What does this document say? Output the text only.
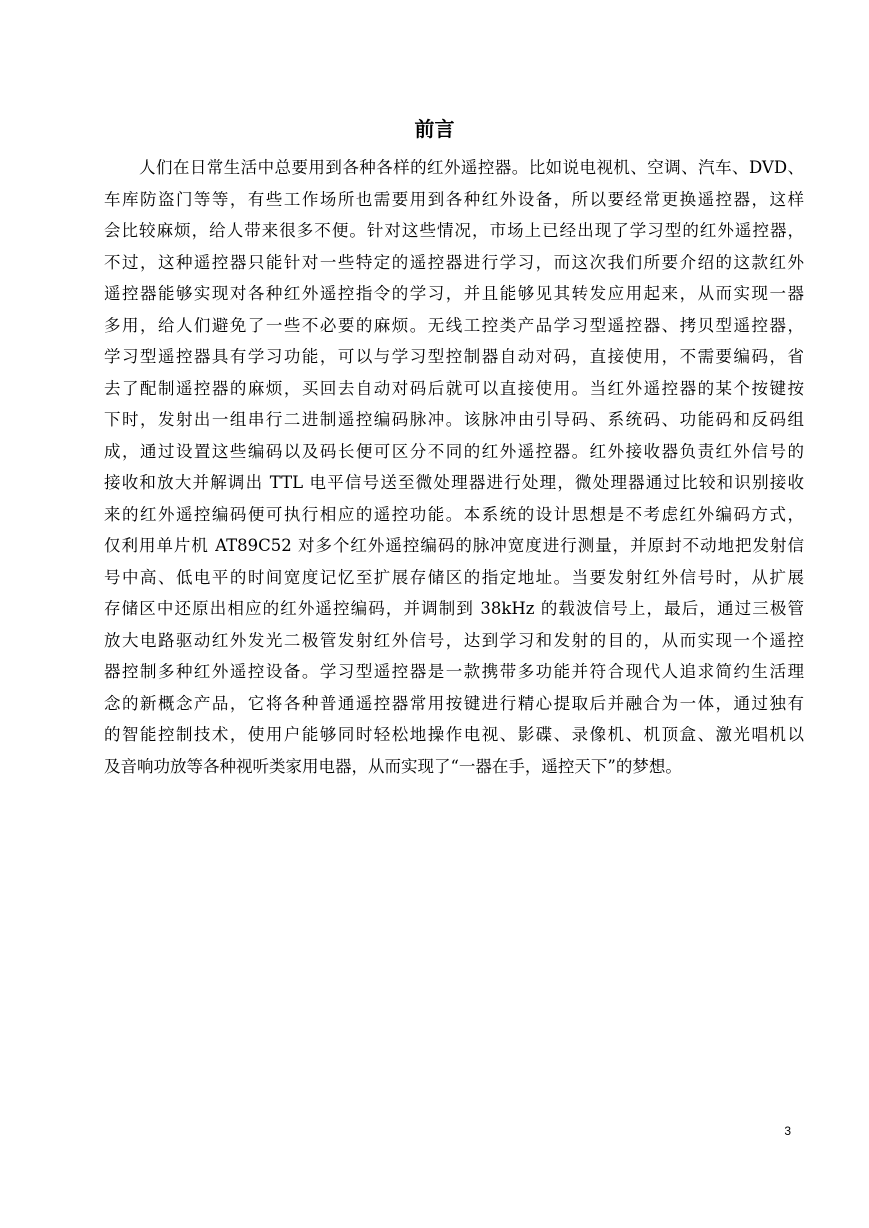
前言
人们在日常生活中总要用到各种各样的红外遥控器。比如说电视机、空调、汽车、DVD、
车库防盗门等等，有些工作场所也需要用到各种红外设备，所以要经常更换遥控器，这样
会比较麻烦，给人带来很多不便。针对这些情况，市场上已经出现了学习型的红外遥控器，
不过，这种遥控器只能针对一些特定的遥控器进行学习，而这次我们所要介绍的这款红外
遥控器能够实现对各种红外遥控指令的学习，并且能够见其转发应用起来，从而实现一器
多用，给人们避免了一些不必要的麻烦。无线工控类产品学习型遥控器、拷贝型遥控器，
学习型遥控器具有学习功能，可以与学习型控制器自动对码，直接使用，不需要编码，省
去了配制遥控器的麻烦，买回去自动对码后就可以直接使用。当红外遥控器的某个按键按
下时，发射出一组串行二进制遥控编码脉冲。该脉冲由引导码、系统码、功能码和反码组
成，通过设置这些编码以及码长便可区分不同的红外遥控器。红外接收器负责红外信号的
接收和放大并解调出 TTL 电平信号送至微处理器进行处理，微处理器通过比较和识别接收
来的红外遥控编码便可执行相应的遥控功能。本系统的设计思想是不考虑红外编码方式，
仅利用单片机 AT89C52 对多个红外遥控编码的脉冲宽度进行测量，并原封不动地把发射信
号中高、低电平的时间宽度记忆至扩展存储区的指定地址。当要发射红外信号时，从扩展
存储区中还原出相应的红外遥控编码，并调制到 38kHz 的载波信号上，最后，通过三极管
放大电路驱动红外发光二极管发射红外信号，达到学习和发射的目的，从而实现一个遥控
器控制多种红外遥控设备。学习型遥控器是一款携带多功能并符合现代人追求简约生活理
念的新概念产品，它将各种普通遥控器常用按键进行精心提取后并融合为一体，通过独有
的智能控制技术，使用户能够同时轻松地操作电视、影碟、录像机、机顶盒、激光唱机以
及音响功放等各种视听类家用电器，从而实现了“一器在手，遥控天下”的梦想。
3
